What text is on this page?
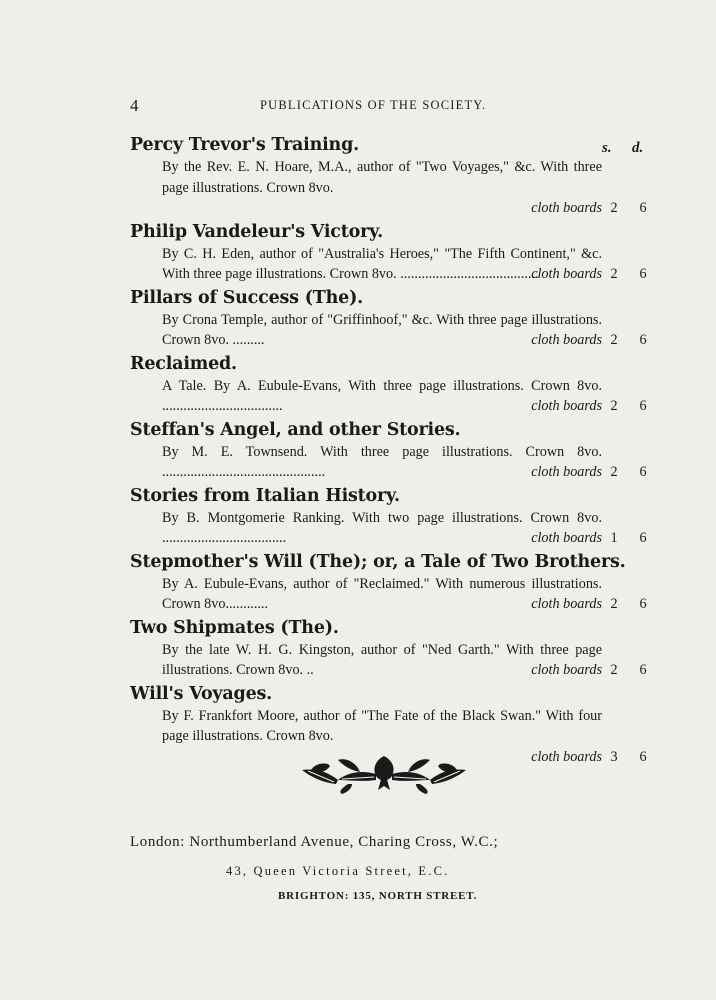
4	PUBLICATIONS OF THE SOCIETY.
s. d.
Percy Trevor's Training.
By the Rev. E. N. Hoare, M.A., author of "Two Voyages," &c. With three page illustrations. Crown 8vo.
cloth boards 2 6
Philip Vandeleur's Victory.
By C. H. Eden, author of "Australia's Heroes," "The Fifth Continent," &c. With three page illustrations. Crown 8vo. .......................................
cloth boards 2 6
Pillars of Success (The).
By Crona Temple, author of "Griffinhoof," &c. With three page illustrations. Crown 8vo. .........	cloth boards 2 6
Reclaimed.
A Tale. By A. Eubule-Evans, With three page illustrations. Crown 8vo. ..................................	cloth boards 2 6
Steffan's Angel, and other Stories.
By M. E. Townsend. With three page illustrations. Crown 8vo. ..............................................	cloth boards 2 6
Stories from Italian History.
By B. Montgomerie Ranking. With two page illustrations. Crown 8vo. ...................................	cloth boards 1 6
Stepmother's Will (The); or, a Tale of Two Brothers.
By A. Eubule-Evans, author of "Reclaimed." With numerous illustrations. Crown 8vo............	cloth boards 2 6
Two Shipmates (The).
By the late W. H. G. Kingston, author of "Ned Garth." With three page illustrations. Crown 8vo. ..	cloth boards 2 6
Will's Voyages.
By F. Frankfort Moore, author of "The Fate of the Black Swan." With four page illustrations. Crown 8vo.
cloth boards 3 6
London: Northumberland Avenue, Charing Cross, W.C.;
43, Queen Victoria Street, E.C.
BRIGHTON: 135, NORTH STREET.
